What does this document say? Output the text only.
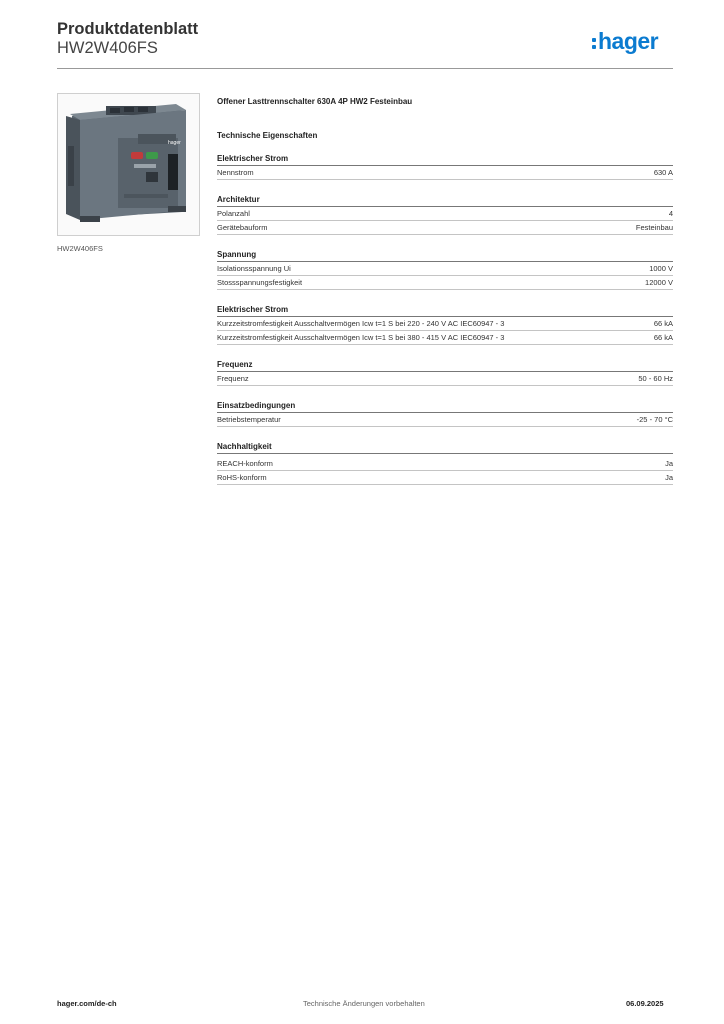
Produktdatenblatt
HW2W406FS	hager
hager
HW2W406FS
Offener Lasttrennschalter 630A 4P HW2 Festeinbau
Technische Eigenschaften
Elektrischer Strom
Nennstrom	630 A
Architektur
Polanzahl	4
Gerätebauform	Festeinbau
Spannung
Isolationsspannung Ui	1000 V
Stossspannungsfestigkeit	12000 V
Elektrischer Strom
Kurzzeitstromfestigkeit Ausschaltvermögen Icw t=1 S bei 220 - 240 V AC IEC60947 - 3	66 kA
Kurzzeitstromfestigkeit Ausschaltvermögen Icw t=1 S bei 380 - 415 V AC IEC60947 - 3	66 kA
Frequenz
Frequenz	50 - 60 Hz
Einsatzbedingungen
Betriebstemperatur	-25 - 70 °C
Nachhaltigkeit
REACH-konform	Ja
RoHS-konform	Ja
hager.com/de-ch	Technische Änderungen vorbehalten	06.09.2025
